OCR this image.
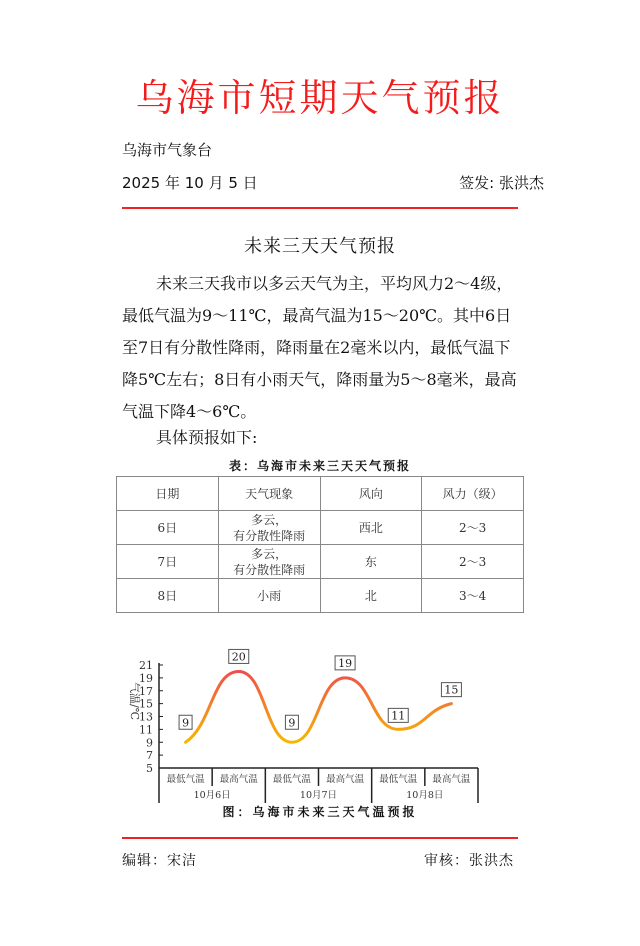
乌海市短期天气预报
乌海市气象台
2025 年 10 月 5 日	签发: 张洪杰
未来三天天气预报

未来三天我市以多云天气为主，平均风力2～4级，最低气温为9～11℃，最高气温为15～20℃。其中6日至7日有分散性降雨，降雨量在2毫米以内，最低气温下降5℃左右；8日有小雨天气，降雨量为5～8毫米，最高气温下降4～6℃。

具体预报如下:
表：乌海市未来三天天气预报
日期	天气现象	风向	风力（级）
6日	多云，
有分散性降雨	西北	2～3
7日	多云，
有分散性降雨	东	2～3
8日	小雨	北	3～4
5
7
9
11
13
15
17
19
21
最低气温 最高气温 最低气温 最高气温 最低气温 最高气温
10月6日	10月7日	10月8日
气温/℃
9
20
9
19
11
15
图：乌海市未来三天气温预报
编辑：宋洁	审核：张洪杰
